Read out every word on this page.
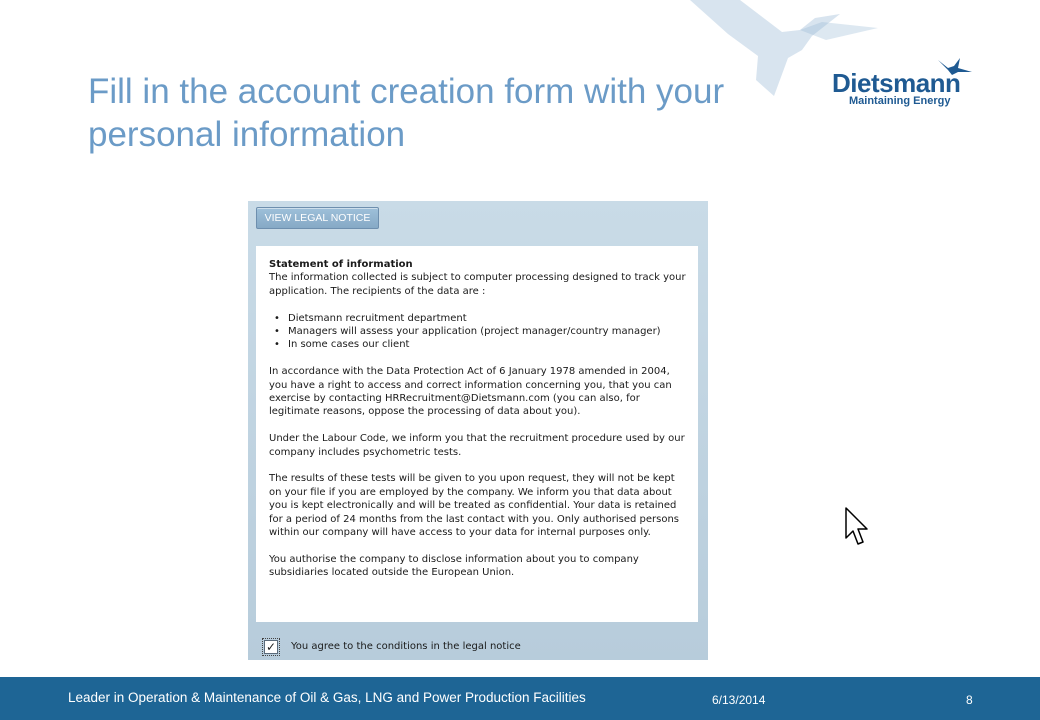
Dietsmann
Maintaining Energy
Fill in the account creation form with your personal information
VIEW LEGAL NOTICE

Statement of information

The information collected is subject to computer processing designed to track your application. The recipients of the data are :

• Dietsmann recruitment department
• Managers will assess your application (project manager/country manager)
• In some cases our client

In accordance with the Data Protection Act of 6 January 1978 amended in 2004, you have a right to access and correct information concerning you, that you can exercise by contacting HRRecruitment@Dietsmann.com (you can also, for legitimate reasons, oppose the processing of data about you).

Under the Labour Code, we inform you that the recruitment procedure used by our company includes psychometric tests.

The results of these tests will be given to you upon request, they will not be kept on your file if you are employed by the company. We inform you that data about you is kept electronically and will be treated as confidential. Your data is retained for a period of 24 months from the last contact with you. Only authorised persons within our company will have access to your data for internal purposes only.

You authorise the company to disclose information about you to company subsidiaries located outside the European Union.

✓ You agree to the conditions in the legal notice
Leader in Operation & Maintenance of Oil & Gas, LNG and Power Production Facilities	6/13/2014	8
